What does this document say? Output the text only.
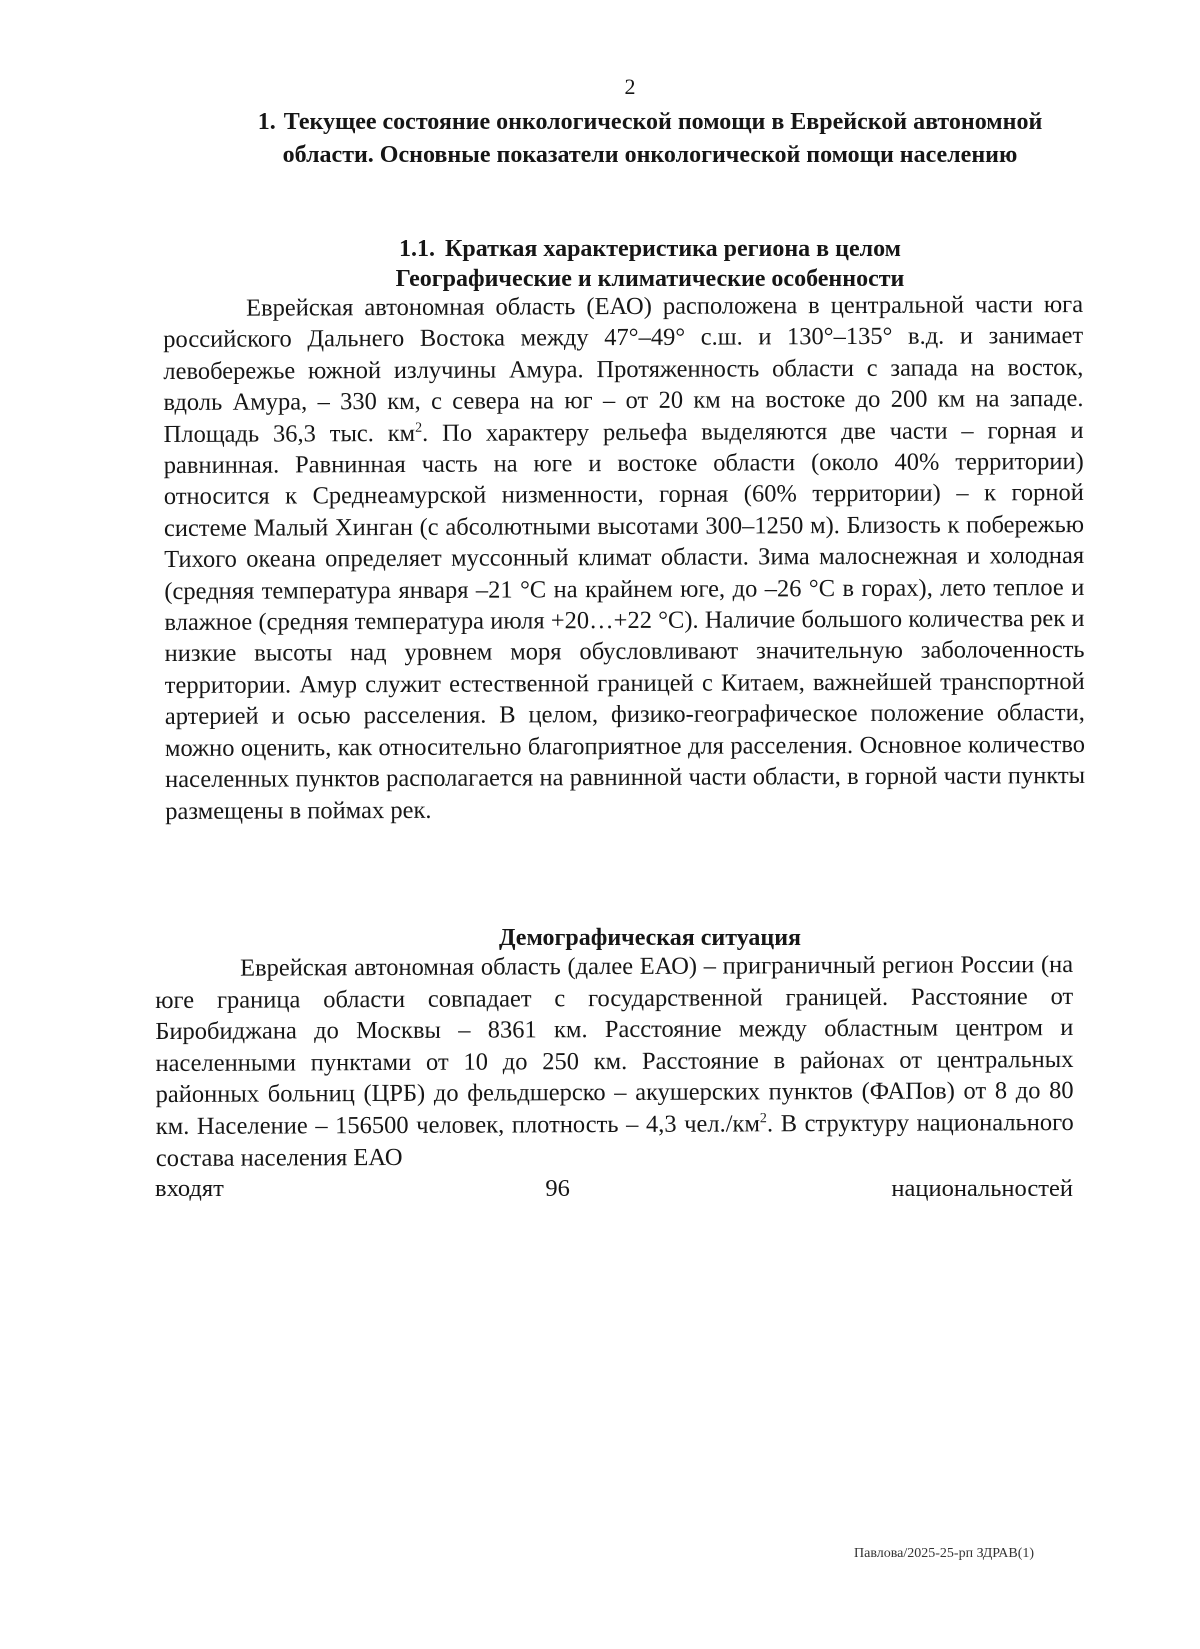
2
1. Текущее состояние онкологической помощи в Еврейской автономной области. Основные показатели онкологической помощи населению
1.1. Краткая характеристика региона в целом
Географические и климатические особенности

Еврейская автономная область (ЕАО) расположена в центральной части юга российского Дальнего Востока между 47°–49° с.ш. и 130°–135° в.д. и занимает левобережье южной излучины Амура. Протяженность области с запада на восток, вдоль Амура, – 330 км, с севера на юг – от 20 км на востоке до 200 км на западе. Площадь 36,3 тыс. $км^2$. По характеру рельефа выделяются две части – горная и равнинная. Равнинная часть на юге и востоке области (около 40% территории) относится к Среднеамурской низменности, горная (60% территории) – к горной системе Малый Хинган (с абсолютными высотами 300–1250 м). Близость к побережью Тихого океана определяет муссонный климат области. Зима малоснежная и холодная (средняя температура января –21 °С на крайнем юге, до –26 °С в горах), лето теплое и влажное (средняя температура июля +20…+22 °С). Наличие большого количества рек и низкие высоты над уровнем моря обусловливают значительную заболоченность территории. Амур служит естественной границей с Китаем, важнейшей транспортной артерией и осью расселения. В целом, физико-географическое положение области, можно оценить, как относительно благоприятное для расселения. Основное количество населенных пунктов располагается на равнинной части области, в горной части пункты размещены в поймах рек.

Демографическая ситуация

Еврейская автономная область (далее ЕАО) – приграничный регион России (на юге граница области совпадает с государственной границей. Расстояние от Биробиджана до Москвы – 8361 км. Расстояние между областным центром и населенными пунктами от 10 до 250 км. Расстояние в районах от центральных районных больниц (ЦРБ) до фельдшерско – акушерских пунктов (ФАПов) от 8 до 80 км. Население – 156500 человек, плотность – 4,3 $чел./км^2$. В структуру национального состава населения ЕАО

входят	96	национальностей
Павлова/2025-25-рп ЗДРАВ(1)
